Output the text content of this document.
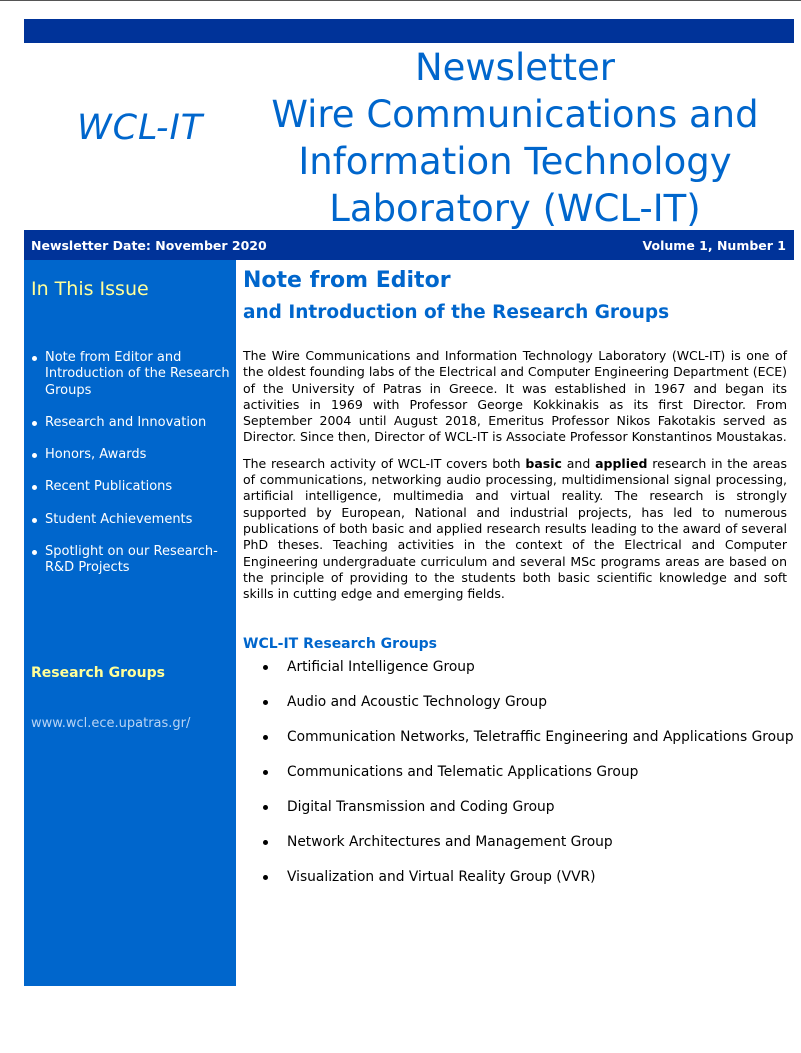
WCL-IT
Newsletter
Wire Communications and
Information Technology
Laboratory (WCL-IT)
Newsletter Date: November 2020	Volume 1, Number 1
In This Issue
Note from Editor and Introduction of the Research Groups
Research and Innovation
Honors, Awards
Recent Publications
Student Achievements
Spotlight on our Research-R&D Projects
Research Groups
www.wcl.ece.upatras.gr/
Note from Editor
and Introduction of the Research Groups

The Wire Communications and Information Technology Laboratory (WCL-IT) is one of the oldest founding labs of the Electrical and Computer Engineering Department (ECE) of the University of Patras in Greece. It was established in 1967 and began its activities in 1969 with Professor George Kokkinakis as its first Director. From September 2004 until August 2018, Emeritus Professor Nikos Fakotakis served as Director. Since then, Director of WCL-IT is Associate Professor Konstantinos Moustakas.

The research activity of WCL-IT covers both basic and applied research in the areas of communications, networking audio processing, multidimensional signal processing, artificial intelligence, multimedia and virtual reality. The research is strongly supported by European, National and industrial projects, has led to numerous publications of both basic and applied research results leading to the award of several PhD theses. Teaching activities in the context of the Electrical and Computer Engineering undergraduate curriculum and several MSc programs areas are based on the principle of providing to the students both basic scientific knowledge and soft skills in cutting edge and emerging fields.

WCL-IT Research Groups
Artificial Intelligence Group
Audio and Acoustic Technology Group
Communication Networks, Teletraffic Engineering and Applications Group
Communications and Telematic Applications Group
Digital Transmission and Coding Group
Network Architectures and Management Group
Visualization and Virtual Reality Group (VVR)
